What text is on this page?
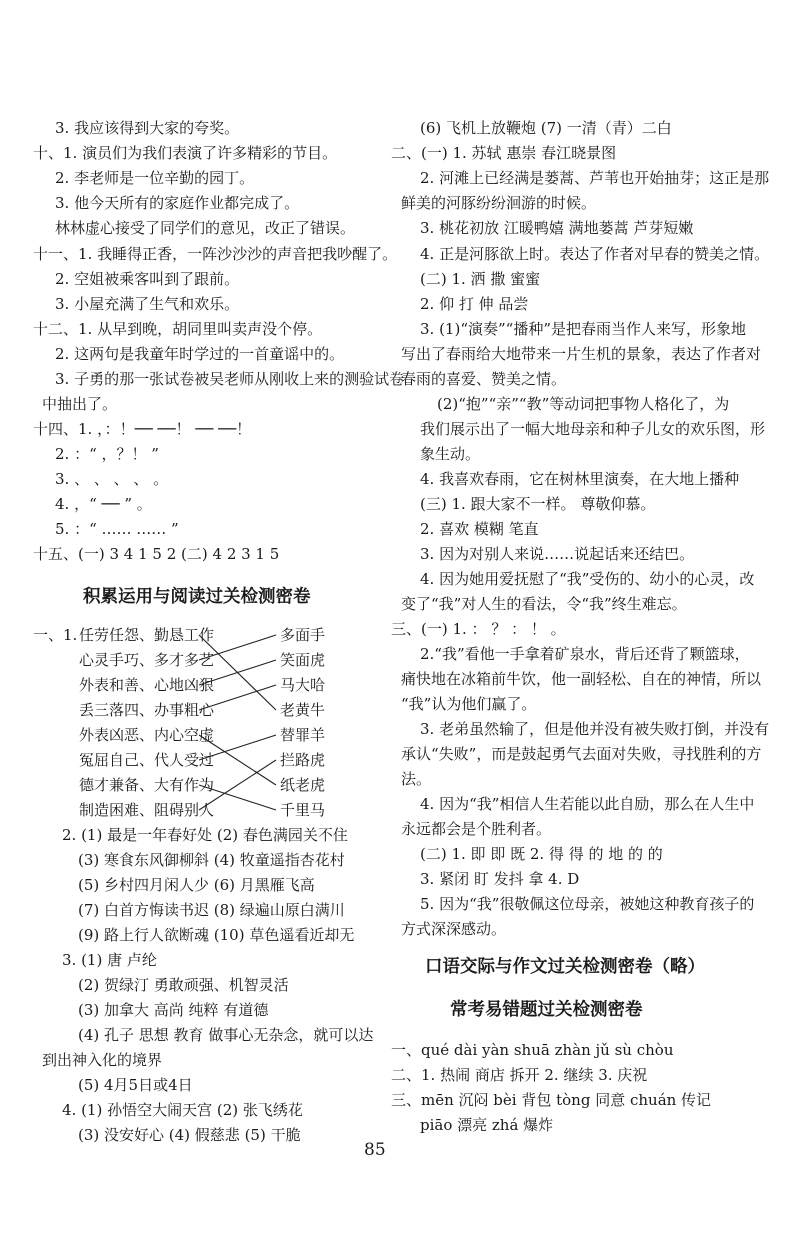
3. 我应该得到大家的夸奖。
十、1. 演员们为我们表演了许多精彩的节目。
2. 李老师是一位辛勤的园丁。
3. 他今天所有的家庭作业都完成了。
林林虚心接受了同学们的意见，改正了错误。
十一、1. 我睡得正香，一阵沙沙沙的声音把我吵醒了。
2. 空姐被乘客叫到了跟前。
3. 小屋充满了生气和欢乐。
十二、1. 从早到晚，胡同里叫卖声没个停。
2. 这两句是我童年时学过的一首童谣中的。
3. 子勇的那一张试卷被吴老师从刚收上来的测验试卷
中抽出了。
十四、1. ，：！── ──！ ── ──！
2. ：“ ，？！ ”
3. 、 、 、 、 。
4. ，“ ── ” 。
5. ：“ …… …… ”
十五、(一) 3 4 1 5 2 (二) 4 2 3 1 5
积累运用与阅读过关检测密卷
一、1. 任劳任怨、勤恳工作
心灵手巧、多才多艺
外表和善、心地凶狠
丢三落四、办事粗心
外表凶恶、内心空虚
冤屈自己、代人受过
德才兼备、大有作为
制造困难、阻碍别人
多面手
笑面虎
马大哈
老黄牛
替罪羊
拦路虎
纸老虎
千里马
2. (1) 最是一年春好处 (2) 春色满园关不住
(3) 寒食东风御柳斜 (4) 牧童遥指杏花村
(5) 乡村四月闲人少 (6) 月黑雁飞高
(7) 白首方悔读书迟 (8) 绿遍山原白满川
(9) 路上行人欲断魂 (10) 草色遥看近却无
3. (1) 唐 卢纶
(2) 贺绿汀 勇敢顽强、机智灵活
(3) 加拿大 高尚 纯粹 有道德
(4) 孔子 思想 教育 做事心无杂念，就可以达
到出神入化的境界
(5) 4月5日或4日
4. (1) 孙悟空大闹天宫 (2) 张飞绣花
(3) 没安好心 (4) 假慈悲 (5) 干脆
(6) 飞机上放鞭炮 (7) 一清（青）二白
二、(一) 1. 苏轼 惠崇 春江晓景图
2. 河滩上已经满是蒌蒿、芦苇也开始抽芽；这正是那
鲜美的河豚纷纷洄游的时候。
3. 桃花初放 江暖鸭嬉 满地蒌蒿 芦芽短嫩
4. 正是河豚欲上时。表达了作者对早春的赞美之情。
(二) 1. 洒 撒 蜜蜜
2. 仰 打 伸 品尝
3. (1)“演奏”“播种”是把春雨当作人来写，形象地
写出了春雨给大地带来一片生机的景象，表达了作者对
春雨的喜爱、赞美之情。
(2)“抱”“亲”“教”等动词把事物人格化了，为
我们展示出了一幅大地母亲和种子儿女的欢乐图，形
象生动。
4. 我喜欢春雨，它在树林里演奏，在大地上播种
(三) 1. 跟大家不一样。 尊敬仰慕。
2. 喜欢 模糊 笔直
3. 因为对别人来说……说起话来还结巴。
4. 因为她用爱抚慰了“我”受伤的、幼小的心灵，改
变了“我”对人生的看法，令“我”终生难忘。
三、(一) 1. ： ？ ： ！ 。
2.“我”看他一手拿着矿泉水，背后还背了颗篮球，
痛快地在冰箱前牛饮，他一副轻松、自在的神情，所以
“我”认为他们赢了。
3. 老弟虽然输了，但是他并没有被失败打倒，并没有
承认“失败”，而是鼓起勇气去面对失败，寻找胜利的方
法。
4. 因为“我”相信人生若能以此自励，那么在人生中
永远都会是个胜利者。
(二) 1. 即 即 既 2. 得 得 的 地 的 的
3. 紧闭 盯 发抖 拿 4. D
5. 因为“我”很敬佩这位母亲，被她这种教育孩子的
方式深深感动。
口语交际与作文过关检测密卷（略）
常考易错题过关检测密卷
一、qué dài yàn shuā zhàn jǔ sù chòu
二、1. 热闹 商店 拆开 2. 继续 3. 庆祝
三、mēn 沉闷 bèi 背包 tòng 同意 chuán 传记
piāo 漂亮 zhá 爆炸
85
